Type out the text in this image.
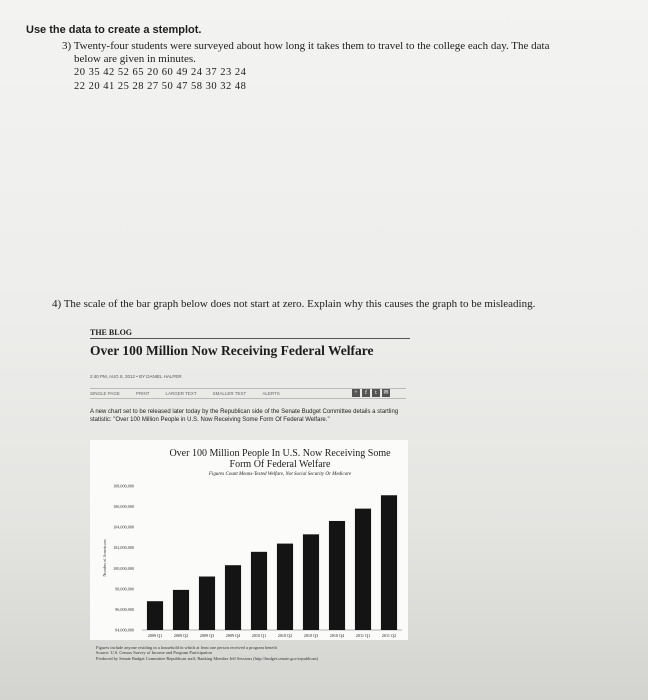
Use the data to create a stemplot.
3) Twenty-four students were surveyed about how long it takes them to travel to the college each day. The data
below are given in minutes.
20 35 42 52 65 20 60 49 24 37 23 24
22 20 41 25 28 27 50 47 58 30 32 48
4) The scale of the bar graph below does not start at zero. Explain why this causes the graph to be misleading.
THE BLOG
Over 100 Million Now Receiving Federal Welfare
2:40 PM, AUG 8, 2012 • BY DANIEL HALPER
SINGLE PAGE	PRINT	LARGER TEXT	SMALLER TEXT	ALERTS	+	f	t	✉
A new chart set to be released later today by the Republican side of the Senate Budget Committee details a startling statistic: "Over 100 Million People in U.S. Now Receiving Some Form Of Federal Welfare."
108,000,000
106,000,000
104,000,000
102,000,000
100,000,000
98,000,000
96,000,000
94,000,000
Number of Americans
2009 Q1	2009 Q2	2009 Q3	2009 Q4	2010 Q1	2010 Q2	2010 Q3	2010 Q4	2011 Q1	2011 Q2
Over 100 Million People In U.S. Now Receiving Some
Form Of Federal Welfare
Figures Count Means-Tested Welfare, Not Social Security Or Medicare
Figures include anyone residing in a household in which at least one person received a program benefit
Source: U.S. Census Survey of Income and Program Participation
Produced by Senate Budget Committee Republican staff, Ranking Member Jeff Sessions (http://budget.senate.gov/republican)
